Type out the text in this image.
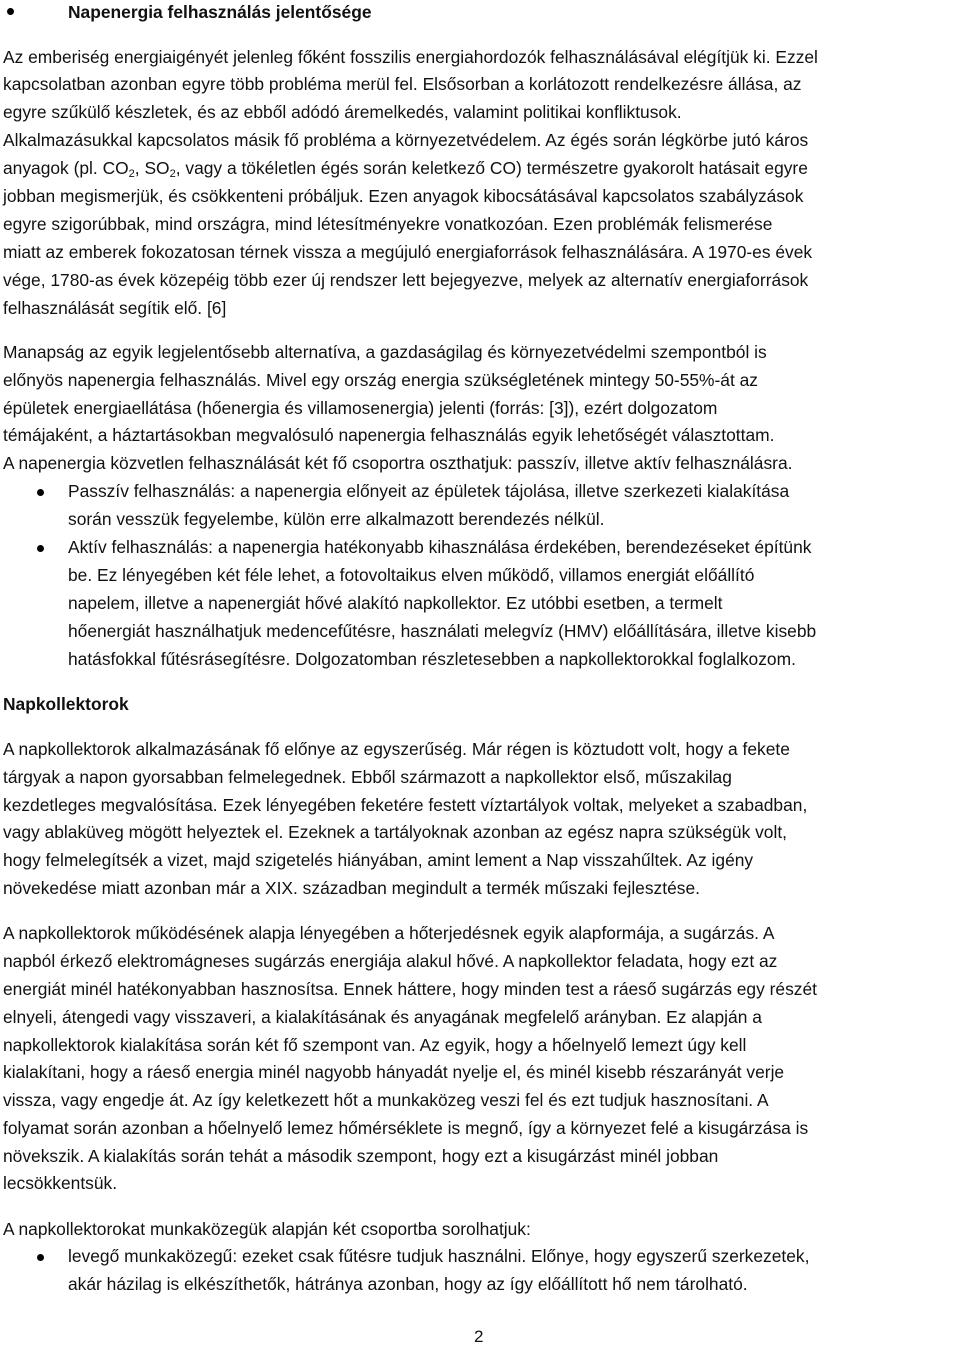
Napenergia felhasználás jelentősége
Az emberiség energiaigényét jelenleg főként fosszilis energiahordozók felhasználásával elégítjük ki. Ezzel
kapcsolatban azonban egyre több probléma merül fel. Elsősorban a korlátozott rendelkezésre állása, az
egyre szűkülő készletek, és az ebből adódó áremelkedés, valamint politikai konfliktusok.
Alkalmazásukkal kapcsolatos másik fő probléma a környezetvédelem. Az égés során légkörbe jutó káros
anyagok (pl. $CO_2$, $SO_2$, vagy a tökéletlen égés során keletkező CO) természetre gyakorolt hatásait egyre
jobban megismerjük, és csökkenteni próbáljuk. Ezen anyagok kibocsátásával kapcsolatos szabályzások
egyre szigorúbbak, mind országra, mind létesítményekre vonatkozóan. Ezen problémák felismerése
miatt az emberek fokozatosan térnek vissza a megújuló energiaforrások felhasználására. A 1970-es évek
vége, 1780-as évek közepéig több ezer új rendszer lett bejegyezve, melyek az alternatív energiaforrások
felhasználását segítik elő. [6]
Manapság az egyik legjelentősebb alternatíva, a gazdaságilag és környezetvédelmi szempontból is
előnyös napenergia felhasználás. Mivel egy ország energia szükségletének mintegy 50-55%-át az
épületek energiaellátása (hőenergia és villamosenergia) jelenti (forrás: [3]), ezért dolgozatom
témájaként, a háztartásokban megvalósuló napenergia felhasználás egyik lehetőségét választottam.
A napenergia közvetlen felhasználását két fő csoportra oszthatjuk: passzív, illetve aktív felhasználásra.
Passzív felhasználás: a napenergia előnyeit az épületek tájolása, illetve szerkezeti kialakítása
során vesszük fegyelembe, külön erre alkalmazott berendezés nélkül.
Aktív felhasználás: a napenergia hatékonyabb kihasználása érdekében, berendezéseket építünk
be. Ez lényegében két féle lehet, a fotovoltaikus elven működő, villamos energiát előállító
napelem, illetve a napenergiát hővé alakító napkollektor. Ez utóbbi esetben, a termelt
hőenergiát használhatjuk medencefűtésre, használati melegvíz (HMV) előállítására, illetve kisebb
hatásfokkal fűtésrásegítésre. Dolgozatomban részletesebben a napkollektorokkal foglalkozom.
Napkollektorok
A napkollektorok alkalmazásának fő előnye az egyszerűség. Már régen is köztudott volt, hogy a fekete
tárgyak a napon gyorsabban felmelegednek. Ebből származott a napkollektor első, műszakilag
kezdetleges megvalósítása. Ezek lényegében feketére festett víztartályok voltak, melyeket a szabadban,
vagy ablaküveg mögött helyeztek el. Ezeknek a tartályoknak azonban az egész napra szükségük volt,
hogy felmelegítsék a vizet, majd szigetelés hiányában, amint lement a Nap visszahűltek. Az igény
növekedése miatt azonban már a XIX. században megindult a termék műszaki fejlesztése.
A napkollektorok működésének alapja lényegében a hőterjedésnek egyik alapformája, a sugárzás. A
napból érkező elektromágneses sugárzás energiája alakul hővé. A napkollektor feladata, hogy ezt az
energiát minél hatékonyabban hasznosítsa. Ennek háttere, hogy minden test a ráeső sugárzás egy részét
elnyeli, átengedi vagy visszaveri, a kialakításának és anyagának megfelelő arányban. Ez alapján a
napkollektorok kialakítása során két fő szempont van. Az egyik, hogy a hőelnyelő lemezt úgy kell
kialakítani, hogy a ráeső energia minél nagyobb hányadát nyelje el, és minél kisebb részarányát verje
vissza, vagy engedje át. Az így keletkezett hőt a munkaközeg veszi fel és ezt tudjuk hasznosítani. A
folyamat során azonban a hőelnyelő lemez hőmérséklete is megnő, így a környezet felé a kisugárzása is
növekszik. A kialakítás során tehát a második szempont, hogy ezt a kisugárzást minél jobban
lecsökkentsük.
A napkollektorokat munkaközegük alapján két csoportba sorolhatjuk:
levegő munkaközegű: ezeket csak fűtésre tudjuk használni. Előnye, hogy egyszerű szerkezetek,
akár házilag is elkészíthetők, hátránya azonban, hogy az így előállított hő nem tárolható.
2
